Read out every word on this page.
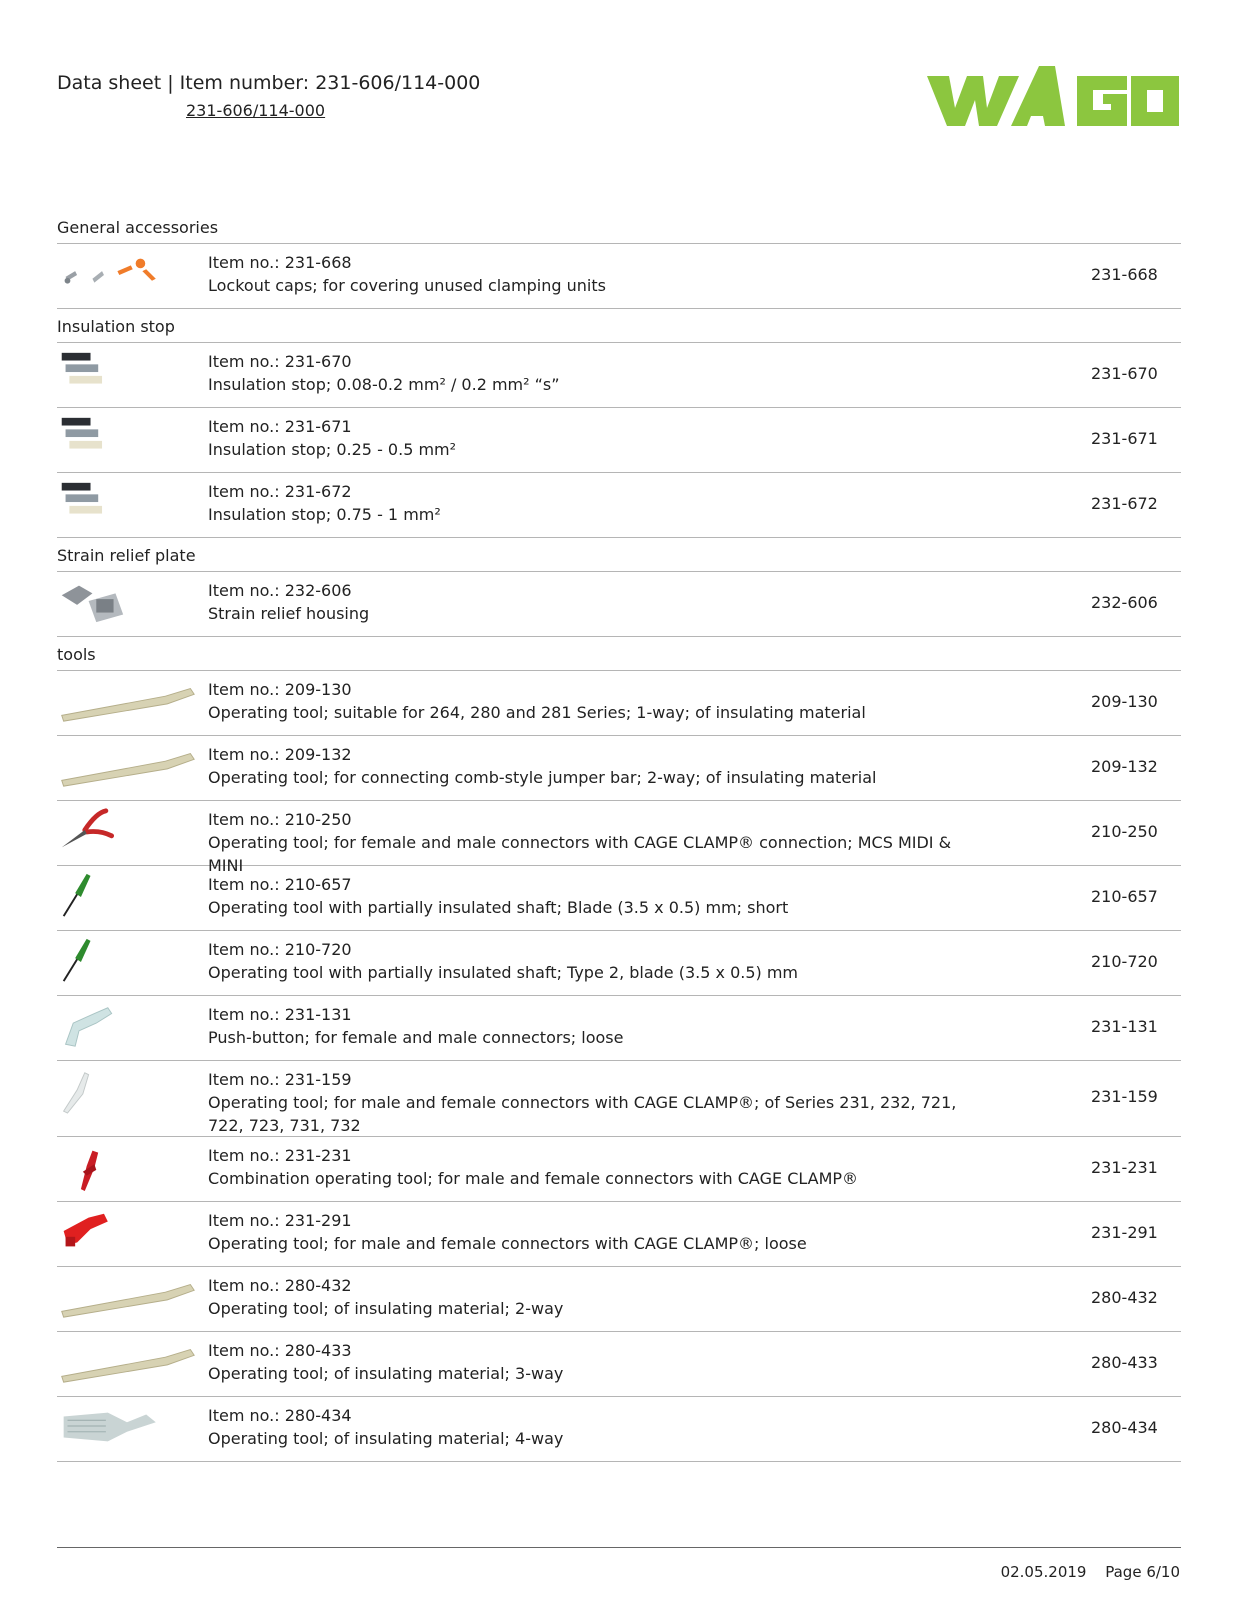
Data sheet | Item number: 231-606/114-000
231-606/114-000
General accessories
Item no.: 231-668
Lockout caps; for covering unused clamping units
231-668
Insulation stop
Item no.: 231-670
Insulation stop; 0.08-0.2 mm² / 0.2 mm² “s”
231-670
Item no.: 231-671
Insulation stop; 0.25 - 0.5 mm²
231-671
Item no.: 231-672
Insulation stop; 0.75 - 1 mm²
231-672
Strain relief plate
Item no.: 232-606
Strain relief housing
232-606
tools
Item no.: 209-130
Operating tool; suitable for 264, 280 and 281 Series; 1-way; of insulating material
209-130
Item no.: 209-132
Operating tool; for connecting comb-style jumper bar; 2-way; of insulating material
209-132
Item no.: 210-250
Operating tool; for female and male connectors with CAGE CLAMP® connection; MCS MIDI & MINI
210-250
Item no.: 210-657
Operating tool with partially insulated shaft; Blade (3.5 x 0.5) mm; short
210-657
Item no.: 210-720
Operating tool with partially insulated shaft; Type 2, blade (3.5 x 0.5) mm
210-720
Item no.: 231-131
Push-button; for female and male connectors; loose
231-131
Item no.: 231-159
Operating tool; for male and female connectors with CAGE CLAMP®; of Series 231, 232, 721, 722, 723, 731, 732
231-159
Item no.: 231-231
Combination operating tool; for male and female connectors with CAGE CLAMP®
231-231
Item no.: 231-291
Operating tool; for male and female connectors with CAGE CLAMP®; loose
231-291
Item no.: 280-432
Operating tool; of insulating material; 2-way
280-432
Item no.: 280-433
Operating tool; of insulating material; 3-way
280-433
Item no.: 280-434
Operating tool; of insulating material; 4-way
280-434
02.05.2019 Page 6/10
